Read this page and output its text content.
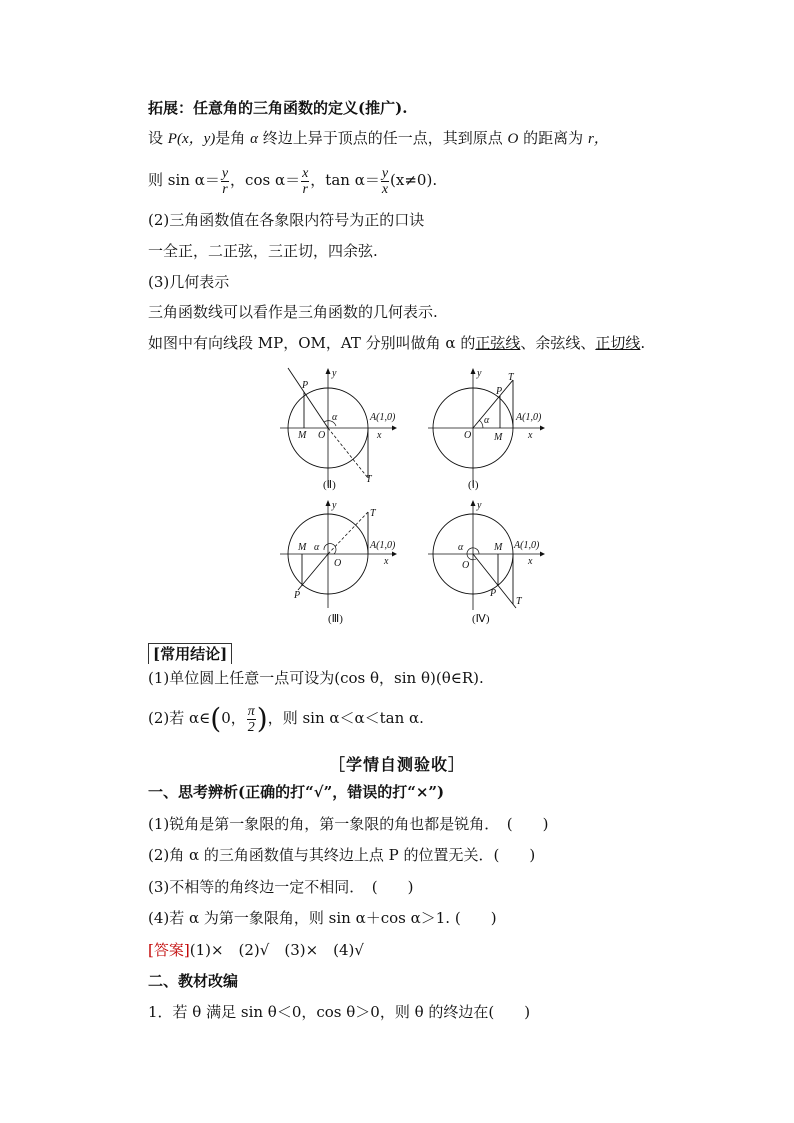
拓展：任意角的三角函数的定义(推广).
设 P(x，y)是角 α 终边上异于顶点的任一点，其到原点 O 的距离为 r，
则 $\sin \alpha= \frac{y}{r}$ ，$\cos \alpha= \frac{x}{r}$ ，$\tan \alpha= \frac{y}{x} (x\ne 0)$.
(2)三角函数值在各象限内符号为正的口诀
一全正，二正弦，三正切，四余弦.
(3)几何表示
三角函数线可以看作是三角函数的几何表示.
如图中有向线段 MP，OM，AT 分别叫做角 α 的正弦线、余弦线、正切线.
P
M O
α	A(1,0)
x
y
T
(Ⅱ)
P
T
α
O M
A(1,0)
x
y
(Ⅰ)
M α
O
P
T
A(1,0)
x
y
(Ⅲ)
α
O
M
P
T
A(1,0)
x
y
(Ⅳ)
[常用结论]
(1)单位圆上任意一点可设为(cos θ，sin θ)(θ∈R).
(2)若 α∈(0， $\frac{\pi}{2}$ )，则 sin α＜α＜tan α.
［学情自测验收］
一、思考辨析(正确的打“√”，错误的打“×”)
(1)锐角是第一象限的角，第一象限的角也都是锐角．　(　　)
(2)角 α 的三角函数值与其终边上点 P 的位置无关．(　　)
(3)不相等的角终边一定不相同．　(　　)
(4)若 α 为第一象限角，则 sin α＋cos α＞1. (　　)
[答案](1)×　(2)√　(3)×　(4)√
二、教材改编
1．若 θ 满足 sin θ＜0，cos θ＞0，则 θ 的终边在(　　)
